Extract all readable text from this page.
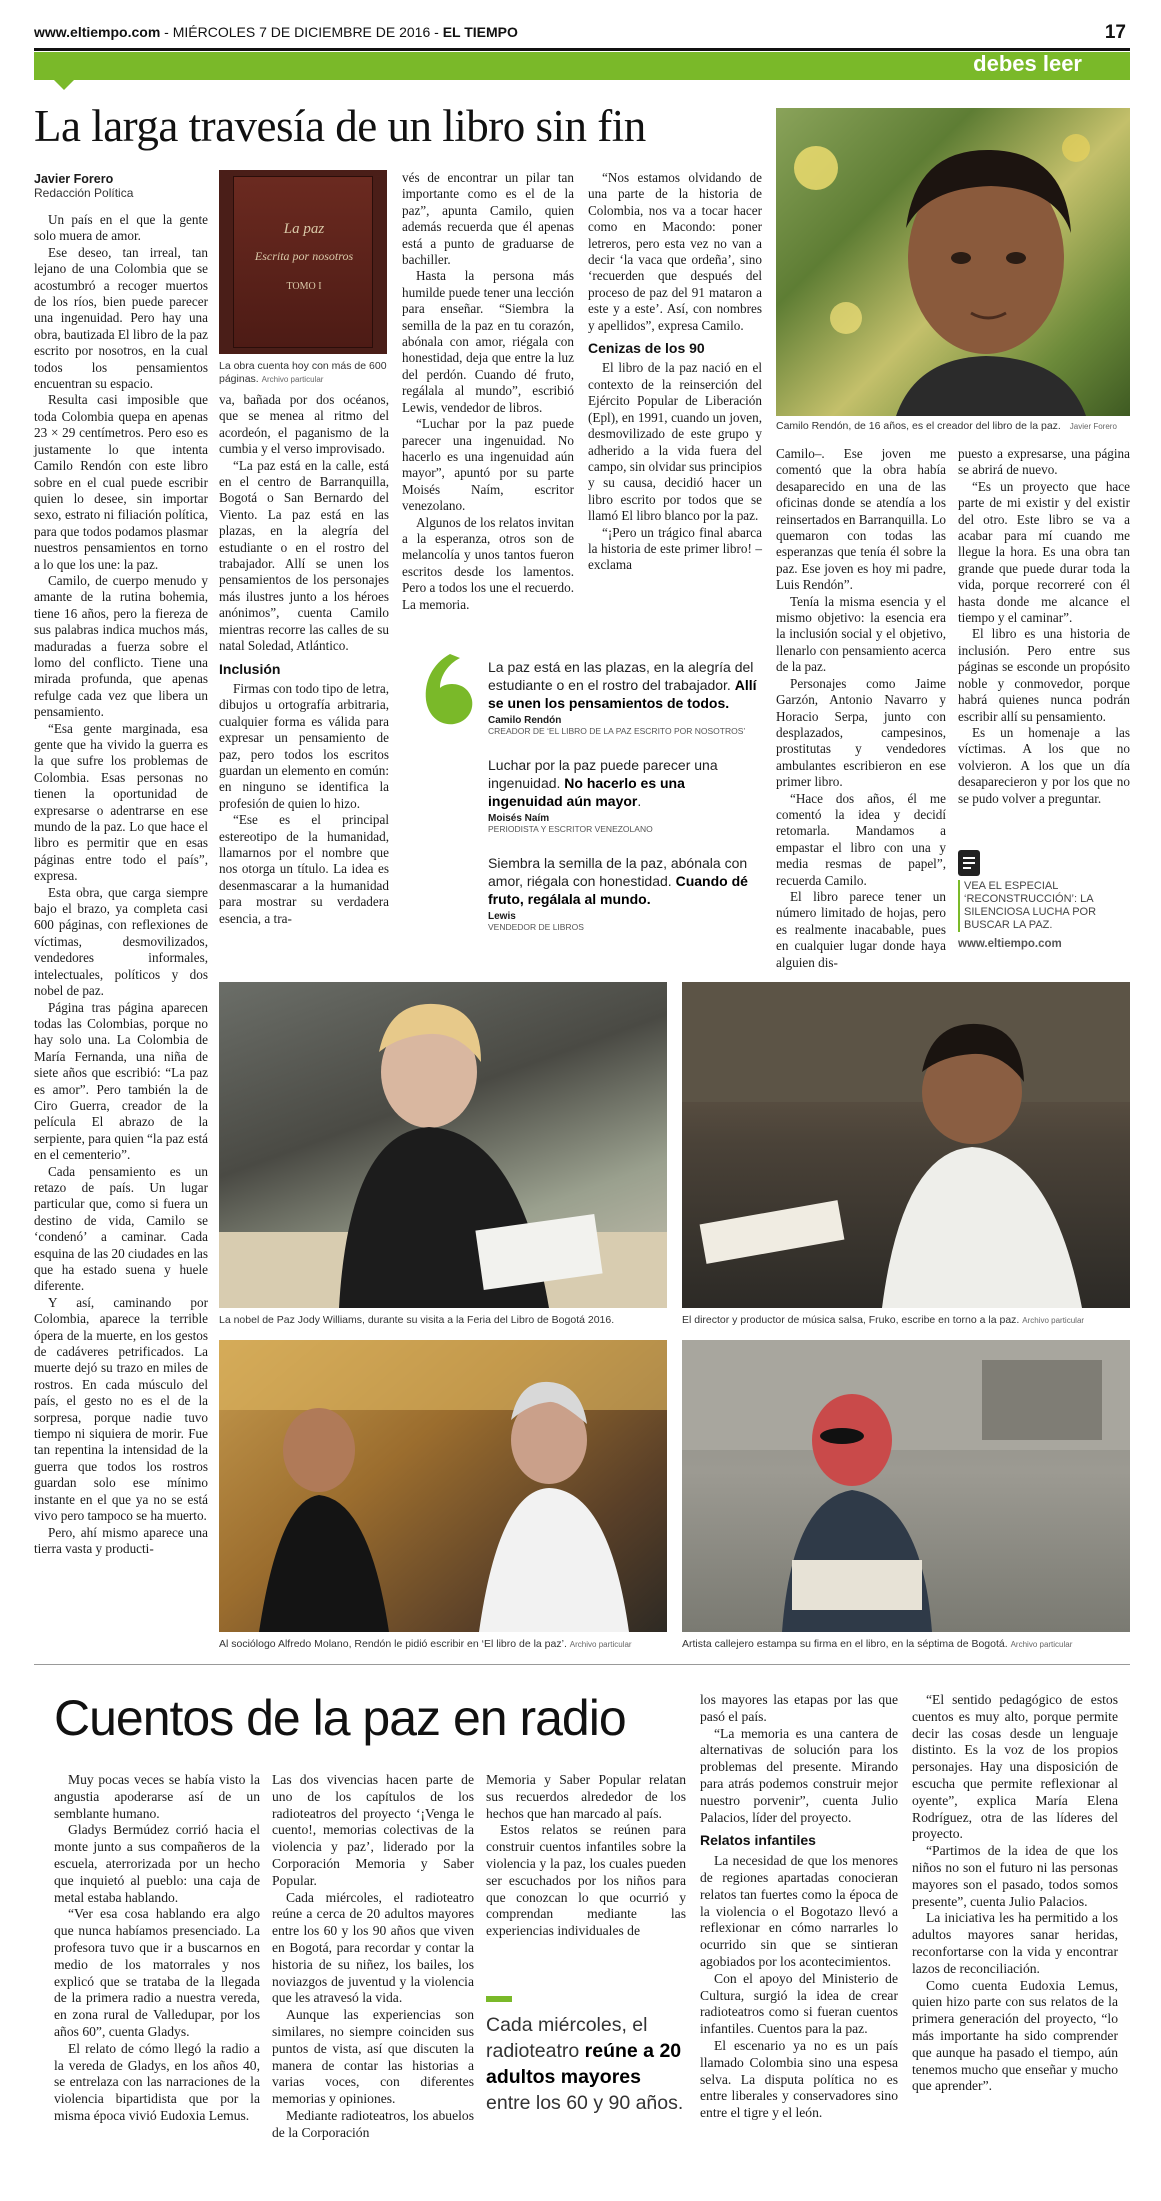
www.eltiempo.com - MIÉRCOLES 7 DE DICIEMBRE DE 2016 - EL TIEMPO	17
debes leer
La larga travesía de un libro sin fin
Camilo Rendón, de 16 años, es el creador del libro de la paz. Javier Forero
Javier Forero
Redacción Política
La paz
Escrita por nosotros
TOMO I
La obra cuenta hoy con más de 600 páginas. Archivo particular

Un país en el que la gente solo muera de amor.

Ese deseo, tan irreal, tan lejano de una Colombia que se acostumbró a recoger muertos de los ríos, bien puede parecer una ingenuidad. Pero hay una obra, bautizada El libro de la paz escrito por nosotros, en la cual todos los pensamientos encuentran su espacio.

Resulta casi imposible que toda Colombia quepa en apenas 23 × 29 centímetros. Pero eso es justamente lo que intenta Camilo Rendón con este libro sobre en el cual puede escribir quien lo desee, sin importar sexo, estrato ni filiación política, para que todos podamos plasmar nuestros pensamientos en torno a lo que los une: la paz.

Camilo, de cuerpo menudo y amante de la rutina bohemia, tiene 16 años, pero la fiereza de sus palabras indica muchos más, maduradas a fuerza sobre el lomo del conflicto. Tiene una mirada profunda, que apenas refulge cada vez que libera un pensamiento.

“Esa gente marginada, esa gente que ha vivido la guerra es la que sufre los problemas de Colombia. Esas personas no tienen la oportunidad de expresarse o adentrarse en ese mundo de la paz. Lo que hace el libro es permitir que en esas páginas entre todo el país”, expresa.

Esta obra, que carga siempre bajo el brazo, ya completa casi 600 páginas, con reflexiones de víctimas, desmovilizados, vendedores informales, intelectuales, políticos y dos nobel de paz.

Página tras página aparecen todas las Colombias, porque no hay solo una. La Colombia de María Fernanda, una niña de siete años que escribió: “La paz es amor”. Pero también la de Ciro Guerra, creador de la película El abrazo de la serpiente, para quien “la paz está en el cementerio”.

Cada pensamiento es un retazo de país. Un lugar particular que, como si fuera un destino de vida, Camilo se ‘condenó’ a caminar. Cada esquina de las 20 ciudades en las que ha estado suena y huele diferente.

Y así, caminando por Colombia, aparece la terrible ópera de la muerte, en los gestos de cadáveres petrificados. La muerte dejó su trazo en miles de rostros. En cada músculo del país, el gesto no es el de la sorpresa, porque nadie tuvo tiempo ni siquiera de morir. Fue tan repentina la intensidad de la guerra que todos los rostros guardan solo ese mínimo instante en el que ya no se está vivo pero tampoco se ha muerto.

Pero, ahí mismo aparece una tierra vasta y producti-

va, bañada por dos océanos, que se menea al ritmo del acordeón, el paganismo de la cumbia y el verso improvisado.

“La paz está en la calle, está en el centro de Barranquilla, Bogotá o San Bernardo del Viento. La paz está en las plazas, en la alegría del estudiante o en el rostro del trabajador. Allí se unen los pensamientos de los personajes más ilustres junto a los héroes anónimos”, cuenta Camilo mientras recorre las calles de su natal Soledad, Atlántico.

Inclusión

Firmas con todo tipo de letra, dibujos u ortografía arbitraria, cualquier forma es válida para expresar un pensamiento de paz, pero todos los escritos guardan un elemento en común: en ninguno se identifica la profesión de quien lo hizo.

“Ese es el principal estereotipo de la humanidad, llamarnos por el nombre que nos otorga un título. La idea es desenmascarar a la humanidad para mostrar su verdadera esencia, a tra-

vés de encontrar un pilar tan importante como es el de la paz”, apunta Camilo, quien además recuerda que él apenas está a punto de graduarse de bachiller.

Hasta la persona más humilde puede tener una lección para enseñar. “Siembra la semilla de la paz en tu corazón, abónala con amor, riégala con honestidad, deja que entre la luz del perdón. Cuando dé fruto, regálala al mundo”, escribió Lewis, vendedor de libros.

“Luchar por la paz puede parecer una ingenuidad. No hacerlo es una ingenuidad aún mayor”, apuntó por su parte Moisés Naím, escritor venezolano.

Algunos de los relatos invitan a la esperanza, otros son de melancolía y unos tantos fueron escritos desde los lamentos. Pero a todos los une el recuerdo. La memoria.

“Nos estamos olvidando de una parte de la historia de Colombia, nos va a tocar hacer como en Macondo: poner letreros, pero esta vez no van a decir ‘la vaca que ordeña’, sino ‘recuerden que después del proceso de paz del 91 mataron a este y a este’. Así, con nombres y apellidos”, expresa Camilo.

Cenizas de los 90

El libro de la paz nació en el contexto de la reinserción del Ejército Popular de Liberación (Epl), en 1991, cuando un joven, desmovilizado de este grupo y adherido a la vida fuera del campo, sin olvidar sus principios y su causa, decidió hacer un libro escrito por todos que se llamó El libro blanco por la paz.

“¡Pero un trágico final abarca la historia de este primer libro! –exclama

Camilo–. Ese joven me comentó que la obra había desaparecido en una de las oficinas donde se atendía a los reinsertados en Barranquilla. Lo quemaron con todas las esperanzas que tenía él sobre la paz. Ese joven es hoy mi padre, Luis Rendón”.

Tenía la misma esencia y el mismo objetivo: la esencia era la inclusión social y el objetivo, llenarlo con pensamiento acerca de la paz.

Personajes como Jaime Garzón, Antonio Navarro y Horacio Serpa, junto con desplazados, campesinos, prostitutas y vendedores ambulantes escribieron en ese primer libro.

“Hace dos años, él me comentó la idea y decidí retomarla. Mandamos a empastar el libro con una y media resmas de papel”, recuerda Camilo.

El libro parece tener un número limitado de hojas, pero es realmente inacabable, pues en cualquier lugar donde haya alguien dis-

puesto a expresarse, una página se abrirá de nuevo.

“Es un proyecto que hace parte de mi existir y del existir del otro. Este libro se va a acabar para mí cuando me llegue la hora. Es una obra tan grande que puede durar toda la vida, porque recorreré con él hasta donde me alcance el tiempo y el caminar”.

El libro es una historia de inclusión. Pero entre sus páginas se esconde un propósito noble y conmovedor, porque habrá quienes nunca podrán escribir allí su pensamiento.

Es un homenaje a las víctimas. A los que no volvieron. A los que un día desaparecieron y por los que no se pudo volver a preguntar.

VEA EL ESPECIAL ‘RECONSTRUCCIÓN’: LA SILENCIOSA LUCHA POR BUSCAR LA PAZ.
www.eltiempo.com
La paz está en las plazas, en la alegría del estudiante o en el rostro del trabajador. Allí se unen los pensamientos de todos.
Camilo Rendón
CREADOR DE ‘EL LIBRO DE LA PAZ ESCRITO POR NOSOTROS’
Luchar por la paz puede parecer una ingenuidad. No hacerlo es una ingenuidad aún mayor.
Moisés Naím
PERIODISTA Y ESCRITOR VENEZOLANO
Siembra la semilla de la paz, abónala con amor, riégala con honestidad. Cuando dé fruto, regálala al mundo.
Lewis
VENDEDOR DE LIBROS
La nobel de Paz Jody Williams, durante su visita a la Feria del Libro de Bogotá 2016.	El director y productor de música salsa, Fruko, escribe en torno a la paz. Archivo particular
Al sociólogo Alfredo Molano, Rendón le pidió escribir en ‘El libro de la paz’. Archivo particular	Artista callejero estampa su firma en el libro, en la séptima de Bogotá. Archivo particular
Cuentos de la paz en radio

Muy pocas veces se había visto la angustia apoderarse así de un semblante humano.

Gladys Bermúdez corrió hacia el monte junto a sus compañeros de la escuela, aterrorizada por un hecho que inquietó al pueblo: una caja de metal estaba hablando.

“Ver esa cosa hablando era algo que nunca habíamos presenciado. La profesora tuvo que ir a buscarnos en medio de los matorrales y nos explicó que se trataba de la llegada de la primera radio a nuestra vereda, en zona rural de Valledupar, por los años 60”, cuenta Gladys.

El relato de cómo llegó la radio a la vereda de Gladys, en los años 40, se entrelaza con las narraciones de la violencia bipartidista que por la misma época vivió Eudoxia Lemus.

Las dos vivencias hacen parte de uno de los capítulos de los radioteatros del proyecto ‘¡Venga le cuento!, memorias colectivas de la violencia y paz’, liderado por la Corporación Memoria y Saber Popular.

Cada miércoles, el radioteatro reúne a cerca de 20 adultos mayores entre los 60 y los 90 años que viven en Bogotá, para recordar y contar la historia de su niñez, los bailes, los noviazgos de juventud y la violencia que les atravesó la vida.

Aunque las experiencias son similares, no siempre coinciden sus puntos de vista, así que discuten la manera de contar las historias a varias voces, con diferentes memorias y opiniones.

Mediante radioteatros, los abuelos de la Corporación

Memoria y Saber Popular relatan sus recuerdos alrededor de los hechos que han marcado al país.

Estos relatos se reúnen para construir cuentos infantiles sobre la violencia y la paz, los cuales pueden ser escuchados por los niños para que conozcan lo que ocurrió y comprendan mediante las experiencias individuales de

Cada miércoles, el radioteatro reúne a 20 adultos mayores entre los 60 y 90 años.

los mayores las etapas por las que pasó el país.

“La memoria es una cantera de alternativas de solución para los problemas del presente. Mirando para atrás podemos construir mejor nuestro porvenir”, cuenta Julio Palacios, líder del proyecto.

Relatos infantiles

La necesidad de que los menores de regiones apartadas conocieran relatos tan fuertes como la época de la violencia o el Bogotazo llevó a reflexionar en cómo narrarles lo ocurrido sin que se sintieran agobiados por los acontecimientos.

Con el apoyo del Ministerio de Cultura, surgió la idea de crear radioteatros como si fueran cuentos infantiles. Cuentos para la paz.

El escenario ya no es un país llamado Colombia sino una espesa selva. La disputa política no es entre liberales y conservadores sino entre el tigre y el león.

“El sentido pedagógico de estos cuentos es muy alto, porque permite decir las cosas desde un lenguaje distinto. Es la voz de los propios personajes. Hay una disposición de escucha que permite reflexionar al oyente”, explica María Elena Rodríguez, otra de las líderes del proyecto.

“Partimos de la idea de que los niños no son el futuro ni las personas mayores son el pasado, todos somos presente”, cuenta Julio Palacios.

La iniciativa les ha permitido a los adultos mayores sanar heridas, reconfortarse con la vida y encontrar lazos de reconciliación.

Como cuenta Eudoxia Lemus, quien hizo parte con sus relatos de la primera generación del proyecto, “lo más importante ha sido comprender que aunque ha pasado el tiempo, aún tenemos mucho que enseñar y mucho que aprender”.
